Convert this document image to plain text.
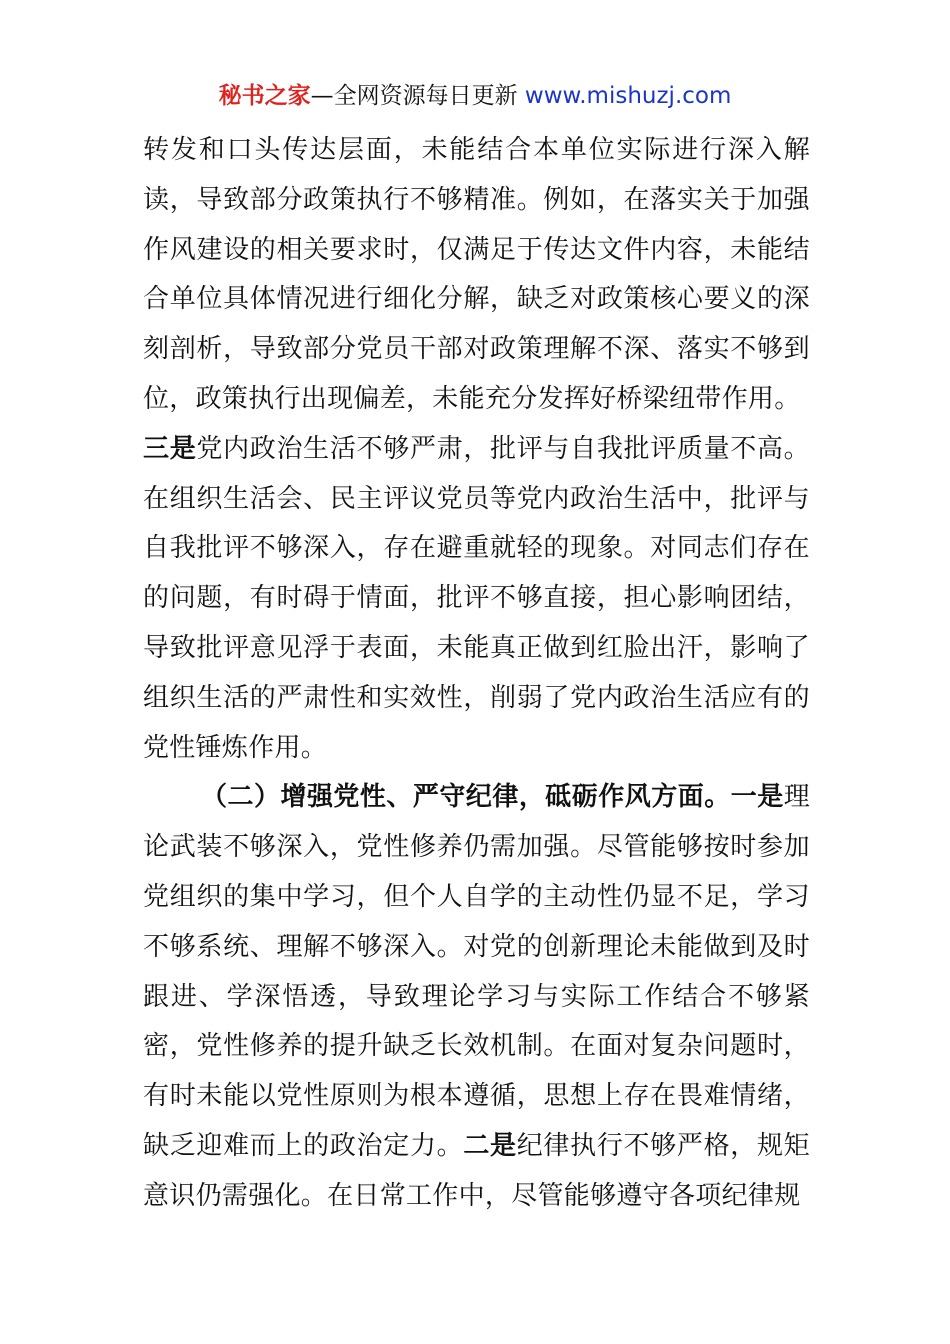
秘书之家—全网资源每日更新 www.mishuzj.com

转发和口头传达层面，未能结合本单位实际进行深入解读，导致部分政策执行不够精准。例如，在落实关于加强作风建设的相关要求时，仅满足于传达文件内容，未能结合单位具体情况进行细化分解，缺乏对政策核心要义的深刻剖析，导致部分党员干部对政策理解不深、落实不够到位，政策执行出现偏差，未能充分发挥好桥梁纽带作用。

三是党内政治生活不够严肃，批评与自我批评质量不高。在组织生活会、民主评议党员等党内政治生活中，批评与自我批评不够深入，存在避重就轻的现象。对同志们存在的问题，有时碍于情面，批评不够直接，担心影响团结，导致批评意见浮于表面，未能真正做到红脸出汗，影响了组织生活的严肃性和实效性，削弱了党内政治生活应有的党性锤炼作用。

（二）增强党性、严守纪律，砥砺作风方面。一是理论武装不够深入，党性修养仍需加强。尽管能够按时参加党组织的集中学习，但个人自学的主动性仍显不足，学习不够系统、理解不够深入。对党的创新理论未能做到及时跟进、学深悟透，导致理论学习与实际工作结合不够紧密，党性修养的提升缺乏长效机制。在面对复杂问题时，有时未能以党性原则为根本遵循，思想上存在畏难情绪，缺乏迎难而上的政治定力。二是纪律执行不够严格，规矩意识仍需强化。在日常工作中，尽管能够遵守各项纪律规
